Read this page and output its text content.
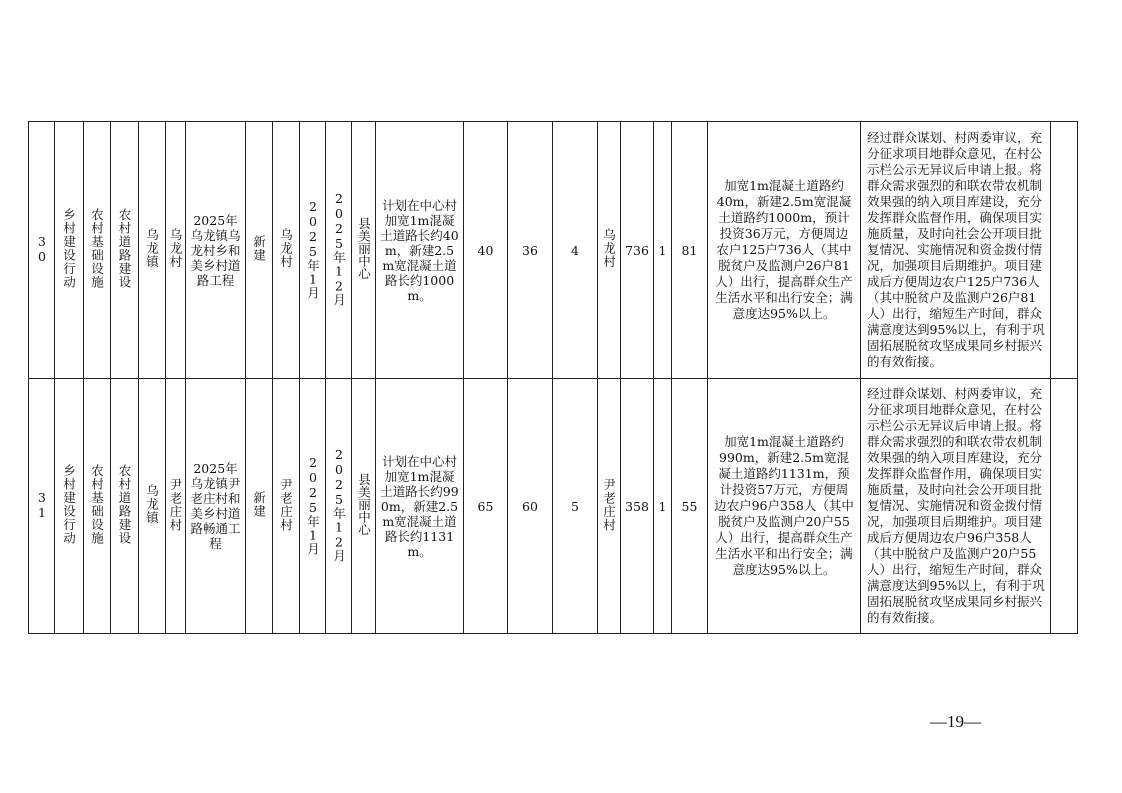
30	乡村建设行动	农村基础设施	农村道路建设	乌龙镇	乌龙村	2025年乌龙镇乌龙村乡和美乡村道路工程	新建	乌龙村	2025年1月	2025年12月	县美丽中心	计划在中心村加宽1m混凝土道路长约40m，新建2.5m宽混凝土道路长约1000m。	40	36	4	乌龙村	736	1	81	加宽1m混凝土道路约40m，新建2.5m宽混凝土道路约1000m，预计投资36万元，方便周边农户125户736人（其中脱贫户及监测户26户81人）出行，提高群众生产生活水平和出行安全；满意度达95%以上。	经过群众谋划、村两委审议，充分征求项目地群众意见，在村公示栏公示无异议后申请上报。将群众需求强烈的和联农带农机制效果强的纳入项目库建设，充分发挥群众监督作用，确保项目实施质量，及时向社会公开项目批复情况、实施情况和资金拨付情况，加强项目后期维护。项目建成后方便周边农户125户736人（其中脱贫户及监测户26户81人）出行，缩短生产时间，群众满意度达到95%以上，有利于巩固拓展脱贫攻坚成果同乡村振兴的有效衔接。	

31	乡村建设行动	农村基础设施	农村道路建设	乌龙镇	尹老庄村	2025年乌龙镇尹老庄村和美乡村道路畅通工程	新建	尹老庄村	2025年1月	2025年12月	县美丽中心	计划在中心村加宽1m混凝土道路长约990m，新建2.5m宽混凝土道路长约1131m。	65	60	5	尹老庄村	358	1	55	加宽1m混凝土道路约990m，新建2.5m宽混凝土道路约1131m，预计投资57万元，方便周边农户96户358人（其中脱贫户及监测户20户55人）出行，提高群众生产生活水平和出行安全；满意度达95%以上。	经过群众谋划、村两委审议，充分征求项目地群众意见，在村公示栏公示无异议后申请上报。将群众需求强烈的和联农带农机制效果强的纳入项目库建设，充分发挥群众监督作用，确保项目实施质量，及时向社会公开项目批复情况、实施情况和资金拨付情况，加强项目后期维护。项目建成后方便周边农户96户358人（其中脱贫户及监测户20户55人）出行，缩短生产时间，群众满意度达到95%以上，有利于巩固拓展脱贫攻坚成果同乡村振兴的有效衔接。	

—19—
